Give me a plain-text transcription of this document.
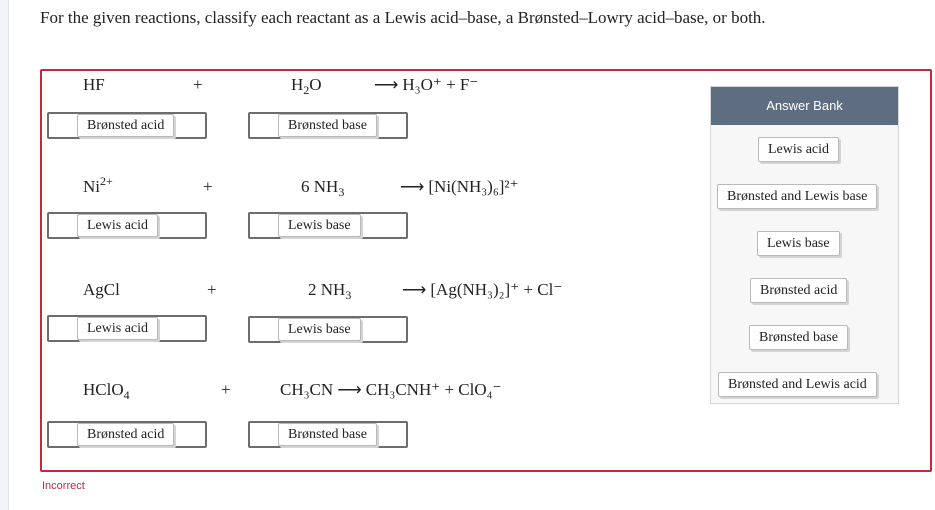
For the given reactions, classify each reactant as a Lewis acid–base, a Brønsted–Lowry acid–base, or both.
HF	+	$H_2O$	⟶ H₃O⁺ + F⁻
Brønsted acid	Brønsted base
$Ni^{2+}$	+	6 $NH_3$	⟶ [Ni(NH₃)₆]²⁺
Lewis acid	Lewis base
AgCl	+	2 $NH_3$	⟶ [Ag(NH₃)₂]⁺ + Cl⁻
Lewis acid	Lewis base
HClO$_4$	+	CH₃CN ⟶ CH₃CNH⁺ + ClO₄⁻
Brønsted acid	Brønsted base
Answer Bank
Lewis acid
Brønsted and Lewis base
Lewis base
Brønsted acid
Brønsted base
Brønsted and Lewis acid
Incorrect
